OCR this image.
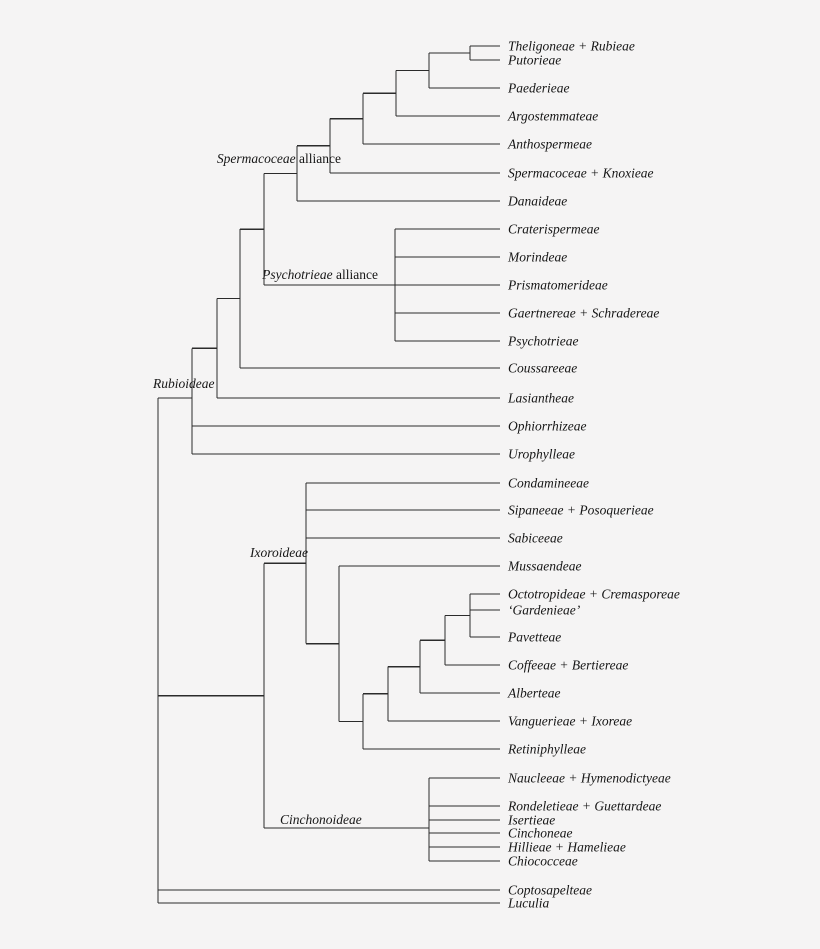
Theligoneae + Rubieae
Putorieae
Paederieae
Argostemmateae
Anthospermeae
Spermacoceae + Knoxieae
Danaideae
Spermacoceae alliance
Craterispermeae
Morindeae
Prismatomerideae
Gaertnereae + Schradereae
Psychotrieae
Psychotrieae alliance
Coussareeae
Lasiantheae
Ophiorrhizeae
Urophylleae
Rubioideae
Condamineeae
Sipaneeae + Posoquerieae
Sabiceeae
Mussaendeae
Octotropideae + Cremasporeae
‘Gardenieae’
Pavetteae
Coffeeae + Bertiereae
Alberteae
Vanguerieae + Ixoreae
Retiniphylleae
Ixoroideae
Naucleeae + Hymenodictyeae
Rondeletieae + Guettardeae
Isertieae
Cinchoneae
Hillieae + Hamelieae
Chiococceae
Cinchonoideae
Coptosapelteae
Luculia
